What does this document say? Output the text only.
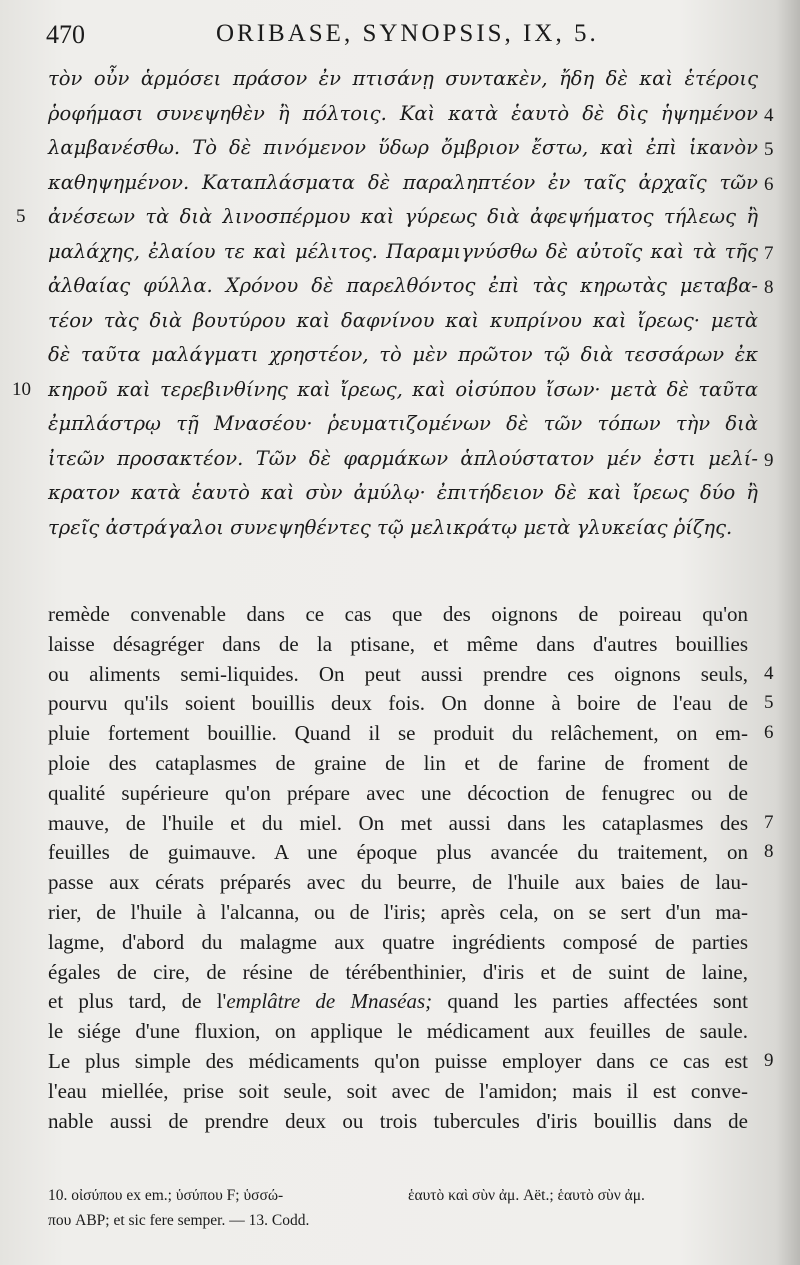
470	ORIBASE, SYNOPSIS, IX, 5.
τὸν οὖν ἁρμόσει πράσον ἐν πτισάνῃ συντακὲν, ἤδη δὲ καὶ ἑτέροις
ῥοφήμασι συνεψηθὲν ἢ πόλτοις. Καὶ κατὰ ἑαυτὸ δὲ δὶς ἡψημένον
λαμβανέσθω. Τὸ δὲ πινόμενον ὕδωρ ὄμβριον ἔστω, καὶ ἐπὶ ἱκανὸν
καθηψημένον. Καταπλάσματα δὲ παραληπτέον ἐν ταῖς ἀρχαῖς τῶν
ἀνέσεων τὰ διὰ λινοσπέρμου καὶ γύρεως διὰ ἀφεψήματος τήλεως ἢ
μαλάχης, ἐλαίου τε καὶ μέλιτος. Παραμιγνύσθω δὲ αὐτοῖς καὶ τὰ τῆς
ἀλθαίας φύλλα. Χρόνου δὲ παρελθόντος ἐπὶ τὰς κηρωτὰς μεταβα-
τέον τὰς διὰ βουτύρου καὶ δαφνίνου καὶ κυπρίνου καὶ ἴρεως· μετὰ
δὲ ταῦτα μαλάγματι χρηστέον, τὸ μὲν πρῶτον τῷ διὰ τεσσάρων ἐκ
κηροῦ καὶ τερεβινθίνης καὶ ἴρεως, καὶ οἰσύπου ἴσων· μετὰ δὲ ταῦτα
ἐμπλάστρῳ τῇ Μνασέου· ῥευματιζομένων δὲ τῶν τόπων τὴν διὰ
ἰτεῶν προσακτέον. Τῶν δὲ φαρμάκων ἁπλούστατον μέν ἐστι μελί-
κρατον κατὰ ἑαυτὸ καὶ σὺν ἀμύλῳ· ἐπιτήδειον δὲ καὶ ἴρεως δύο ἢ
τρεῖς ἀστράγαλοι συνεψηθέντες τῷ μελικράτῳ μετὰ γλυκείας ῥίζης.
remède convenable dans ce cas que des oignons de poireau qu'on
laisse désagréger dans de la ptisane, et même dans d'autres bouillies
ou aliments semi-liquides. On peut aussi prendre ces oignons seuls,
pourvu qu'ils soient bouillis deux fois. On donne à boire de l'eau de
pluie fortement bouillie. Quand il se produit du relâchement, on em-
ploie des cataplasmes de graine de lin et de farine de froment de
qualité supérieure qu'on prépare avec une décoction de fenugrec ou de
mauve, de l'huile et du miel. On met aussi dans les cataplasmes des
feuilles de guimauve. A une époque plus avancée du traitement, on
passe aux cérats préparés avec du beurre, de l'huile aux baies de lau-
rier, de l'huile à l'alcanna, ou de l'iris; après cela, on se sert d'un ma-
lagme, d'abord du malagme aux quatre ingrédients composé de parties
égales de cire, de résine de térébenthinier, d'iris et de suint de laine,
et plus tard, de l'emplâtre de Mnaséas; quand les parties affectées sont
le siége d'une fluxion, on applique le médicament aux feuilles de saule.
Le plus simple des médicaments qu'on puisse employer dans ce cas est
l'eau miellée, prise soit seule, soit avec de l'amidon; mais il est conve-
nable aussi de prendre deux ou trois tubercules d'iris bouillis dans de
10. οἰσύπου ex em.; ὑσύπου F; ὑσσώ-
που ABP; et sic fere semper. — 13. Codd.
ἑαυτὸ καὶ σὺν ἀμ. Aët.; ἑαυτὸ σὺν ἀμ.
5
10
4
5
6
7
8
9
4
5
6
7
8
9
